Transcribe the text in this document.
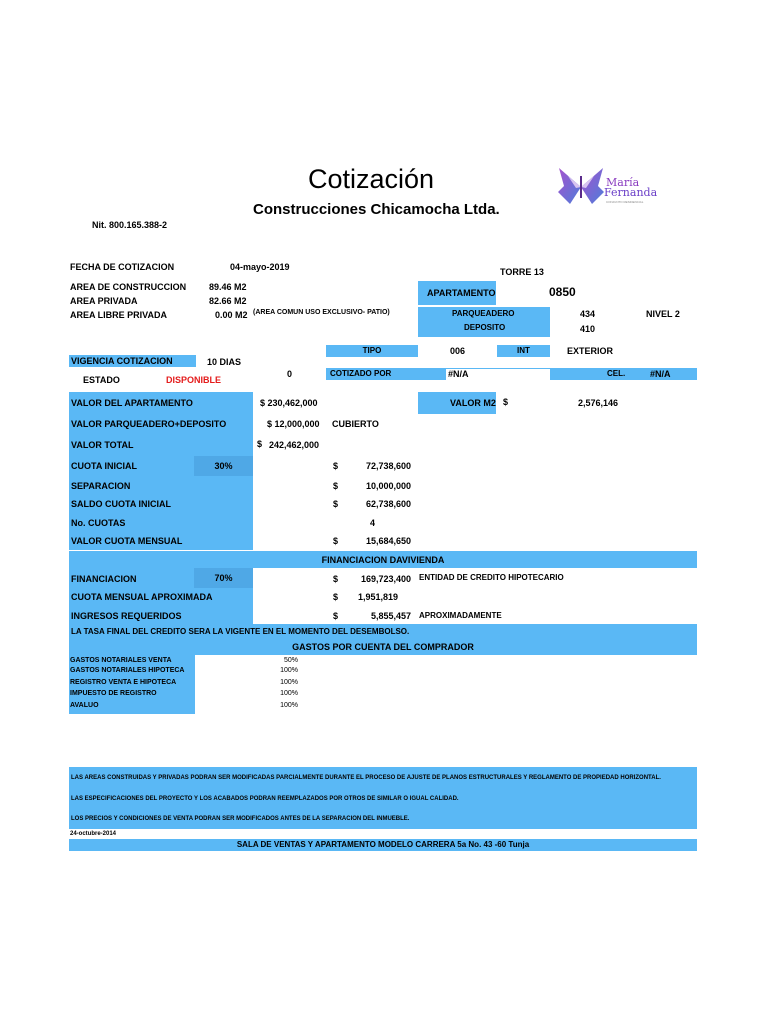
Cotización
Construcciones Chicamocha Ltda.
Nit. 800.165.388-2
María
Fernanda
CONJUNTO RESIDENCIAL
FECHA DE COTIZACION	04-mayo-2019	TORRE 13
AREA DE CONSTRUCCION	89.46 M2
AREA PRIVADA	82.66 M2
AREA LIBRE PRIVADA	0.00 M2 (AREA COMUN USO EXCLUSIVO- PATIO)
APARTAMENTO	0850
PARQUEADERO	434	NIVEL 2
DEPOSITO	410
TIPO	006	INT	EXTERIOR
VIGENCIA COTIZACION	10 DIAS
0	COTIZADO POR	#N/A	CEL.	#N/A
ESTADO	DISPONIBLE
VALOR DEL APARTAMENTO	$ 230,462,000	VALOR M2 $	2,576,146
VALOR PARQUEADERO+DEPOSITO	$ 12,000,000 CUBIERTO
VALOR TOTAL	$ 242,462,000
CUOTA INICIAL	30%	$	72,738,600
SEPARACION	$	10,000,000
SALDO CUOTA INICIAL	$	62,738,600
No. CUOTAS	4
VALOR CUOTA MENSUAL	$	15,684,650
FINANCIACION DAVIVIENDA
FINANCIACION	70%	$	169,723,400 ENTIDAD DE CREDITO HIPOTECARIO
CUOTA MENSUAL APROXIMADA	$	1,951,819
INGRESOS REQUERIDOS	$	5,855,457 APROXIMADAMENTE
LA TASA FINAL DEL CREDITO SERA LA VIGENTE EN EL MOMENTO DEL DESEMBOLSO.
GASTOS POR CUENTA DEL COMPRADOR
GASTOS NOTARIALES VENTA	50%
GASTOS NOTARIALES HIPOTECA	100%
REGISTRO VENTA E HIPOTECA	100%
IMPUESTO DE REGISTRO	100%
AVALUO	100%
LAS AREAS CONSTRUIDAS Y PRIVADAS PODRAN SER MODIFICADAS PARCIALMENTE DURANTE EL PROCESO DE AJUSTE DE PLANOS ESTRUCTURALES Y REGLAMENTO DE PROPIEDAD HORIZONTAL.
LAS ESPECIFICACIONES DEL PROYECTO Y LOS ACABADOS PODRAN REEMPLAZADOS POR OTROS DE SIMILAR O IGUAL CALIDAD.
LOS PRECIOS Y CONDICIONES DE VENTA PODRAN SER MODIFICADOS ANTES DE LA SEPARACION DEL INMUEBLE.
24-octubre-2014
SALA DE VENTAS Y APARTAMENTO MODELO CARRERA 5a No. 43 -60 Tunja
